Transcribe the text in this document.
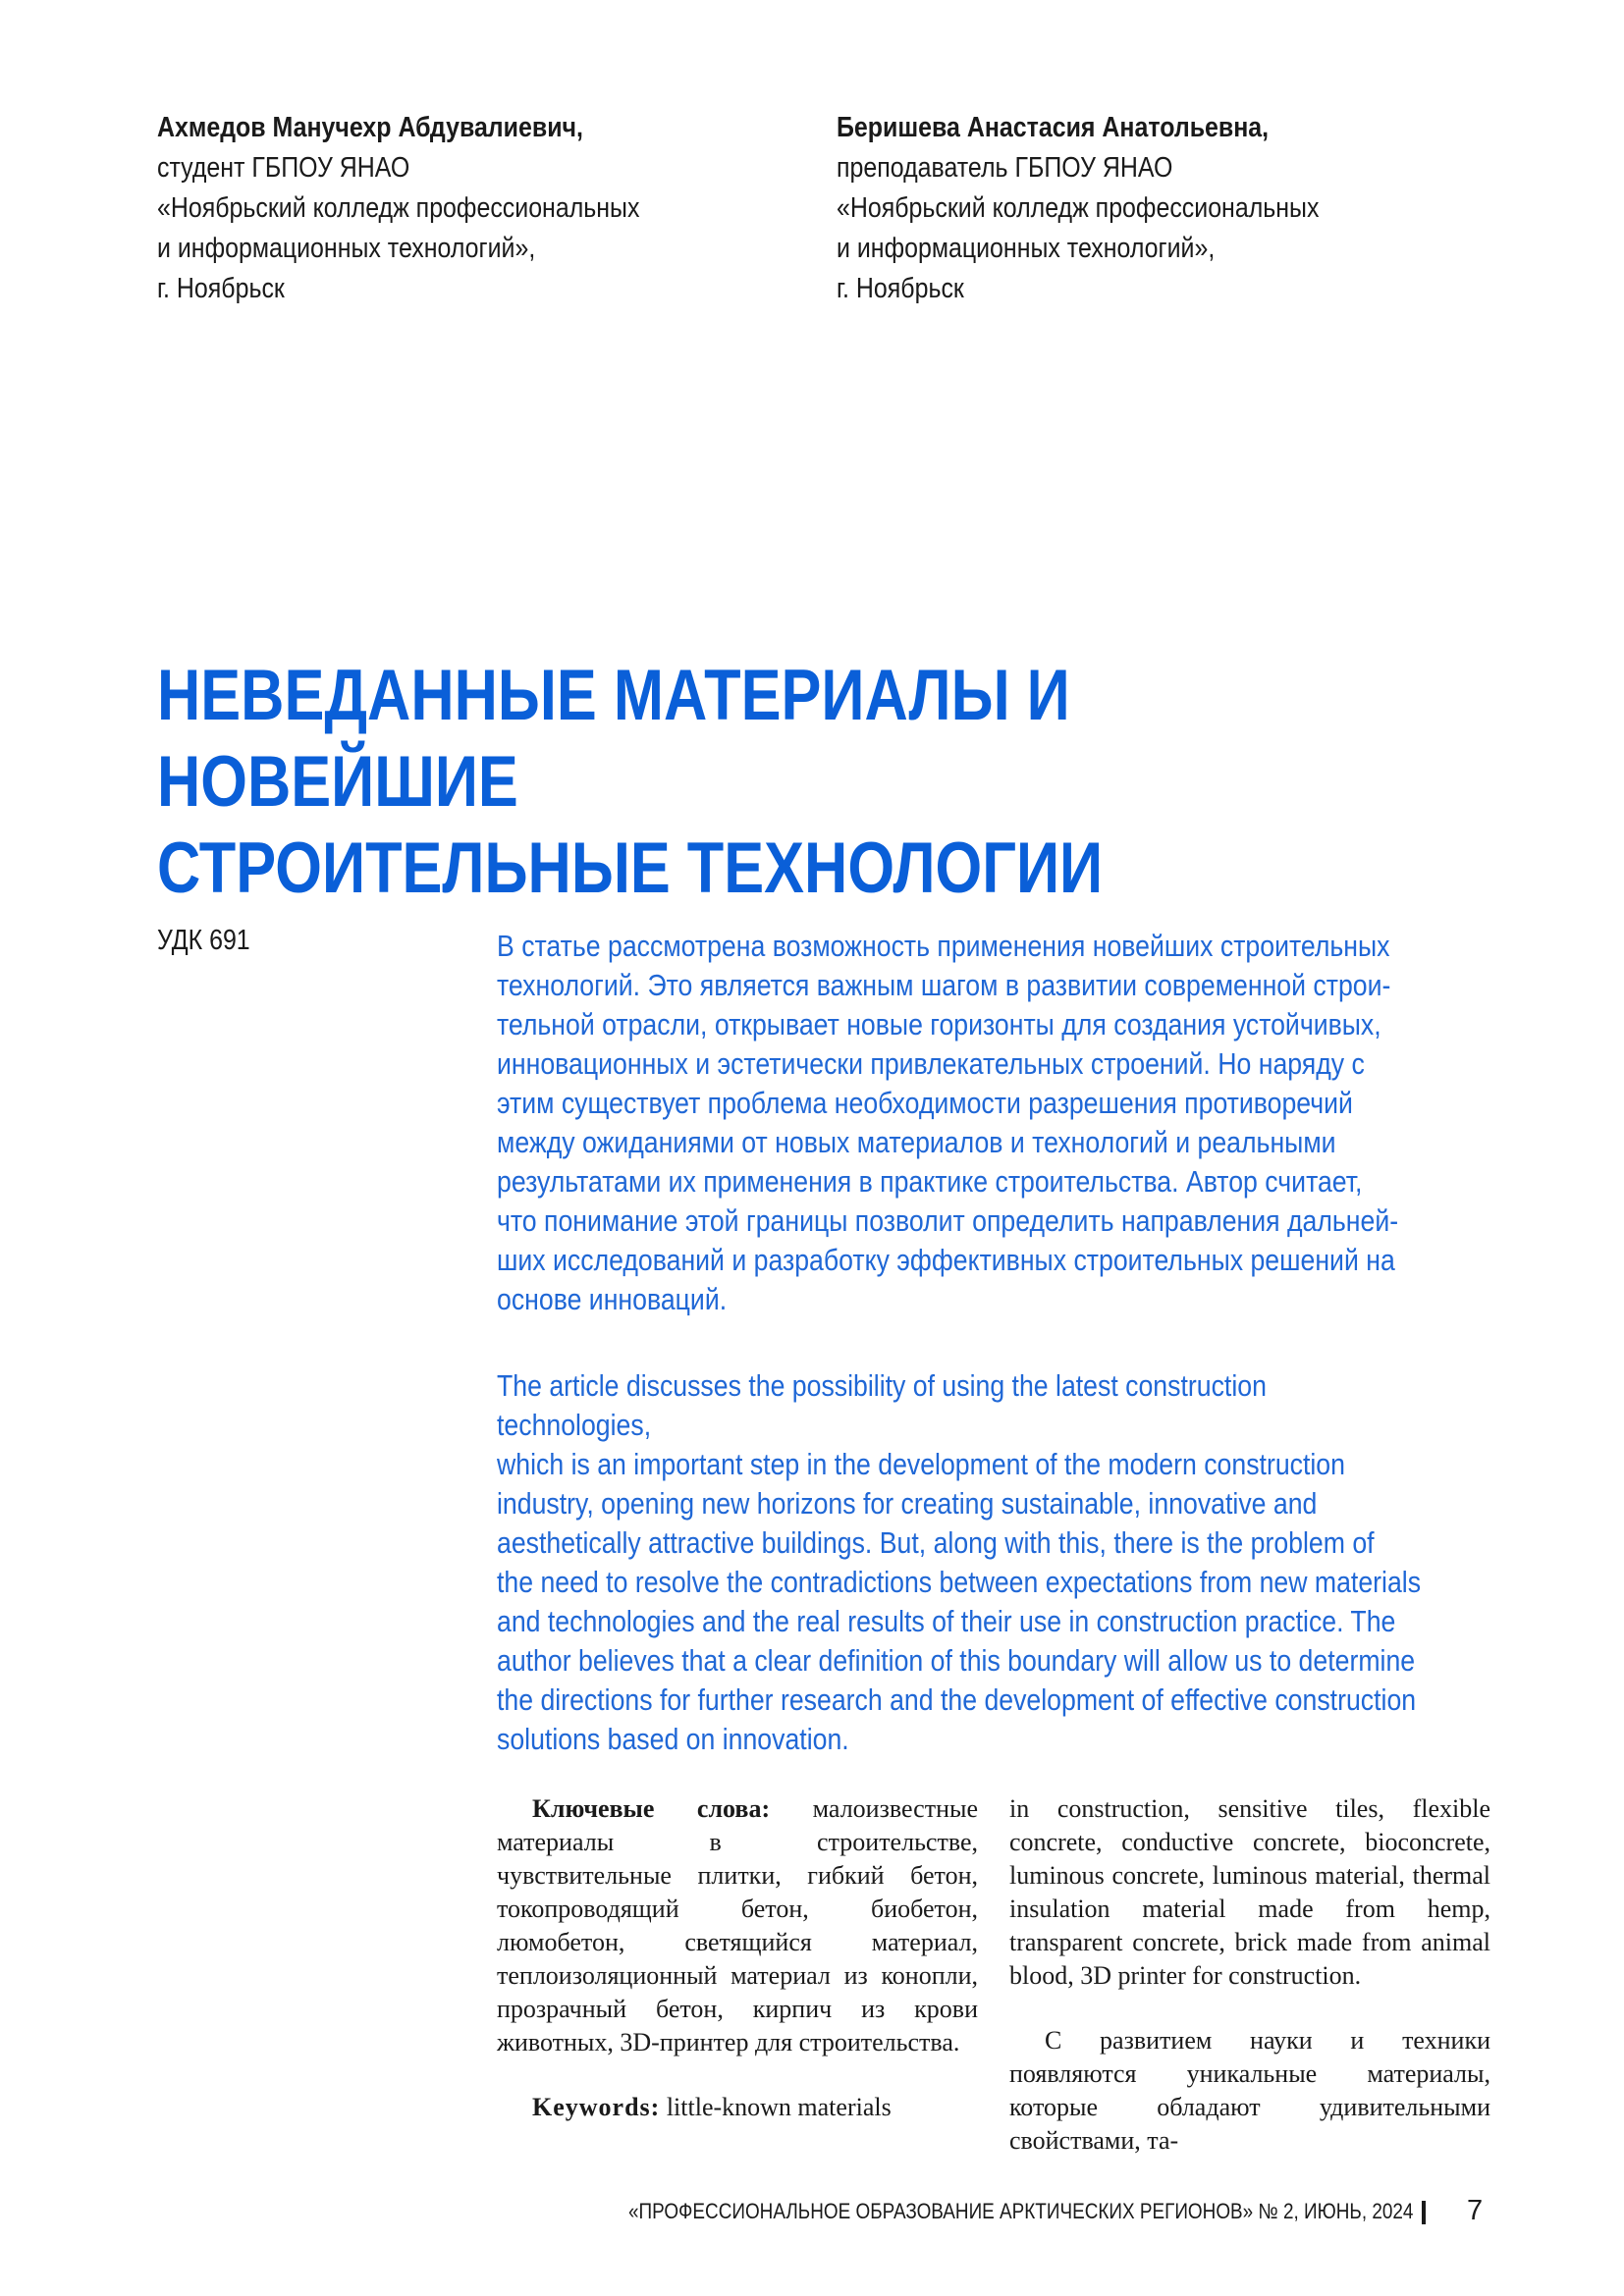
Ахмедов Манучехр Абдувалиевич,
студент ГБПОУ ЯНАО
«Ноябрьский колледж профессиональных
и информационных технологий»,
г. Ноябрьск
Беришева Анастасия Анатольевна,
преподаватель ГБПОУ ЯНАО
«Ноябрьский колледж профессиональных
и информационных технологий»,
г. Ноябрьск
НЕВЕДАННЫЕ МАТЕРИАЛЫ И НОВЕЙШИЕ
СТРОИТЕЛЬНЫЕ ТЕХНОЛОГИИ
УДК 691	В статье рассмотрена возможность применения новейших строительных
технологий. Это является важным шагом в развитии современной строи-
тельной отрасли, открывает новые горизонты для создания устойчивых,
инновационных и эстетически привлекательных строений. Но наряду с
этим существует проблема необходимости разрешения противоречий
между ожиданиями от новых материалов и технологий и реальными
результатами их применения в практике строительства. Автор считает,
что понимание этой границы позволит определить направления дальней-
ших исследований и разработку эффективных строительных решений на
основе инноваций.
The article discusses the possibility of using the latest construction technologies,
which is an important step in the development of the modern construction
industry, opening new horizons for creating sustainable, innovative and
aesthetically attractive buildings. But, along with this, there is the problem of
the need to resolve the contradictions between expectations from new materials
and technologies and the real results of their use in construction practice. The
author believes that a clear definition of this boundary will allow us to determine
the directions for further research and the development of effective construction
solutions based on innovation.

Ключевые слова: малоизвестные материалы в строительстве, чувствительные плитки, гибкий бетон, токопроводящий бетон, биобетон, люмобетон, светящийся материал, теплоизоляционный материал из конопли, прозрачный бетон, кирпич из крови животных, 3D-принтер для строительства.

Keywords: little-known materials

in construction, sensitive tiles, flexible concrete, conductive concrete, bioconcrete, luminous concrete, luminous material, thermal insulation material made from hemp, transparent concrete, brick made from animal blood, 3D printer for construction.

С развитием науки и техники появляются уникальные материалы, которые обладают удивительными свойствами, та-

«ПРОФЕССИОНАЛЬНОЕ ОБРАЗОВАНИЕ АРКТИЧЕСКИХ РЕГИОНОВ» № 2, ИЮНЬ, 2024 7
